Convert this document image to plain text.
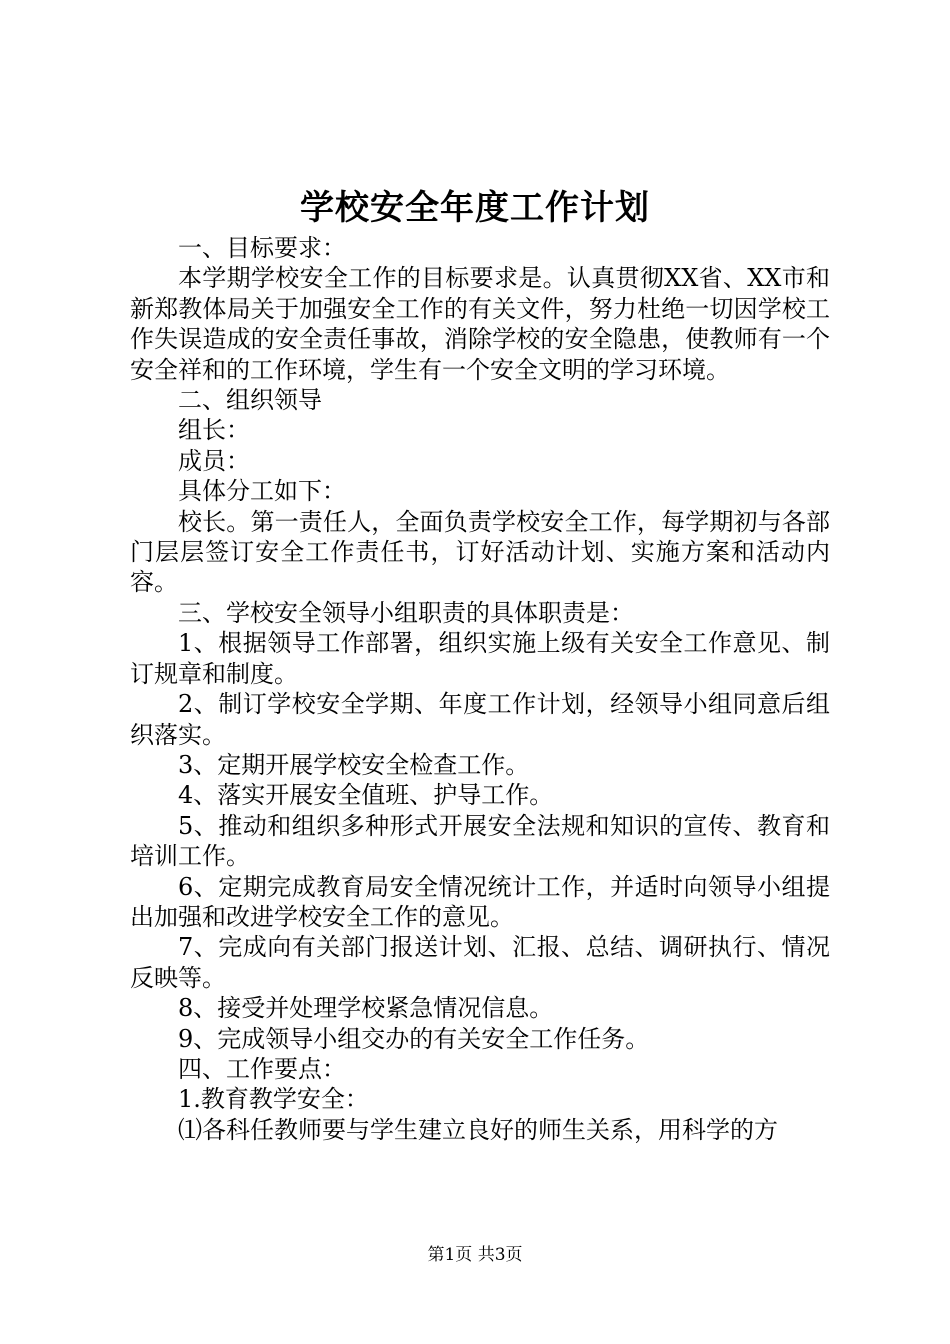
学校安全年度工作计划

一、目标要求：

本学期学校安全工作的目标要求是。认真贯彻XX省、XX市和新郑教体局关于加强安全工作的有关文件，努力杜绝一切因学校工作失误造成的安全责任事故，消除学校的安全隐患，使教师有一个安全祥和的工作环境，学生有一个安全文明的学习环境。

二、组织领导

组长：

成员：

具体分工如下：

校长。第一责任人，全面负责学校安全工作，每学期初与各部门层层签订安全工作责任书，订好活动计划、实施方案和活动内容。

三、学校安全领导小组职责的具体职责是：

1、根据领导工作部署，组织实施上级有关安全工作意见、制订规章和制度。

2、制订学校安全学期、年度工作计划，经领导小组同意后组织落实。

3、定期开展学校安全检查工作。

4、落实开展安全值班、护导工作。

5、推动和组织多种形式开展安全法规和知识的宣传、教育和培训工作。

6、定期完成教育局安全情况统计工作，并适时向领导小组提出加强和改进学校安全工作的意见。

7、完成向有关部门报送计划、汇报、总结、调研执行、情况反映等。

8、接受并处理学校紧急情况信息。

9、完成领导小组交办的有关安全工作任务。

四、工作要点：

1.教育教学安全：

⑴各科任教师要与学生建立良好的师生关系，用科学的方

第1页 共3页
